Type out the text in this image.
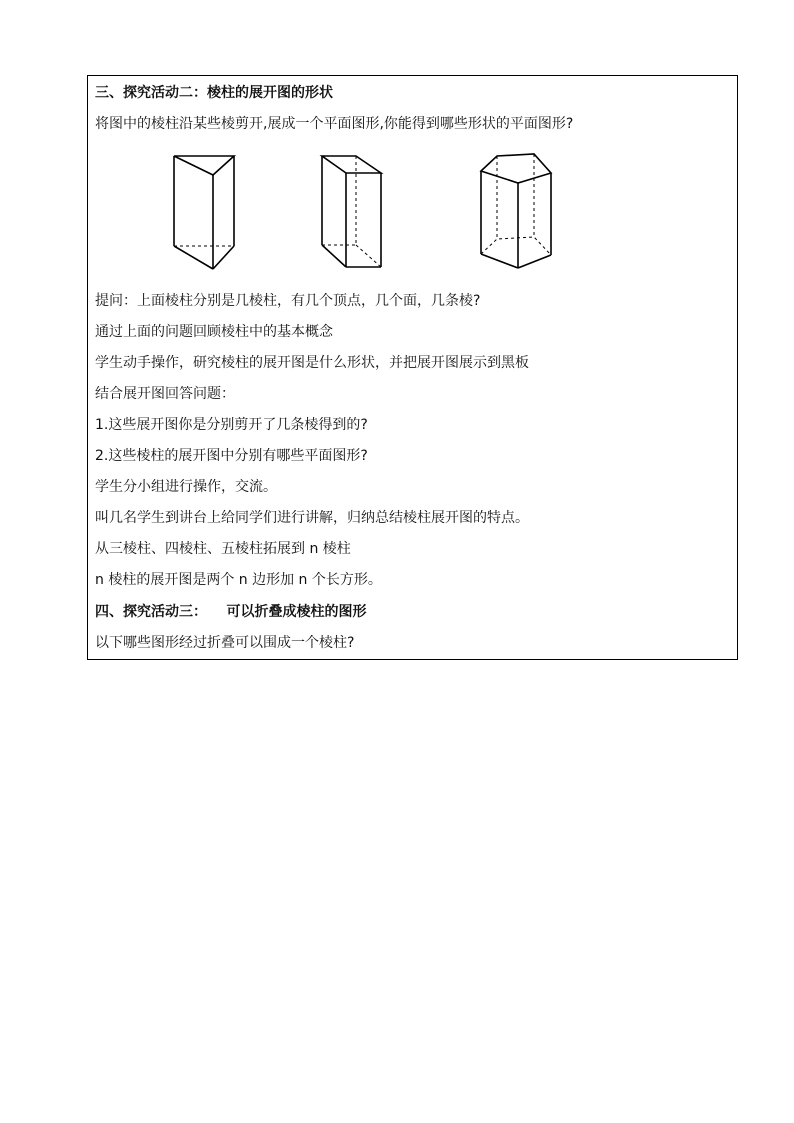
三、探究活动二：棱柱的展开图的形状
将图中的棱柱沿某些棱剪开,展成一个平面图形,你能得到哪些形状的平面图形?
提问：上面棱柱分别是几棱柱，有几个顶点，几个面，几条棱?
通过上面的问题回顾棱柱中的基本概念
学生动手操作，研究棱柱的展开图是什么形状，并把展开图展示到黑板
结合展开图回答问题：
1.这些展开图你是分别剪开了几条棱得到的?
2.这些棱柱的展开图中分别有哪些平面图形?
学生分小组进行操作，交流。
叫几名学生到讲台上给同学们进行讲解，归纳总结棱柱展开图的特点。
从三棱柱、四棱柱、五棱柱拓展到 n 棱柱
n 棱柱的展开图是两个 n 边形加 n 个长方形。
四、探究活动三：    可以折叠成棱柱的图形
以下哪些图形经过折叠可以围成一个棱柱?
